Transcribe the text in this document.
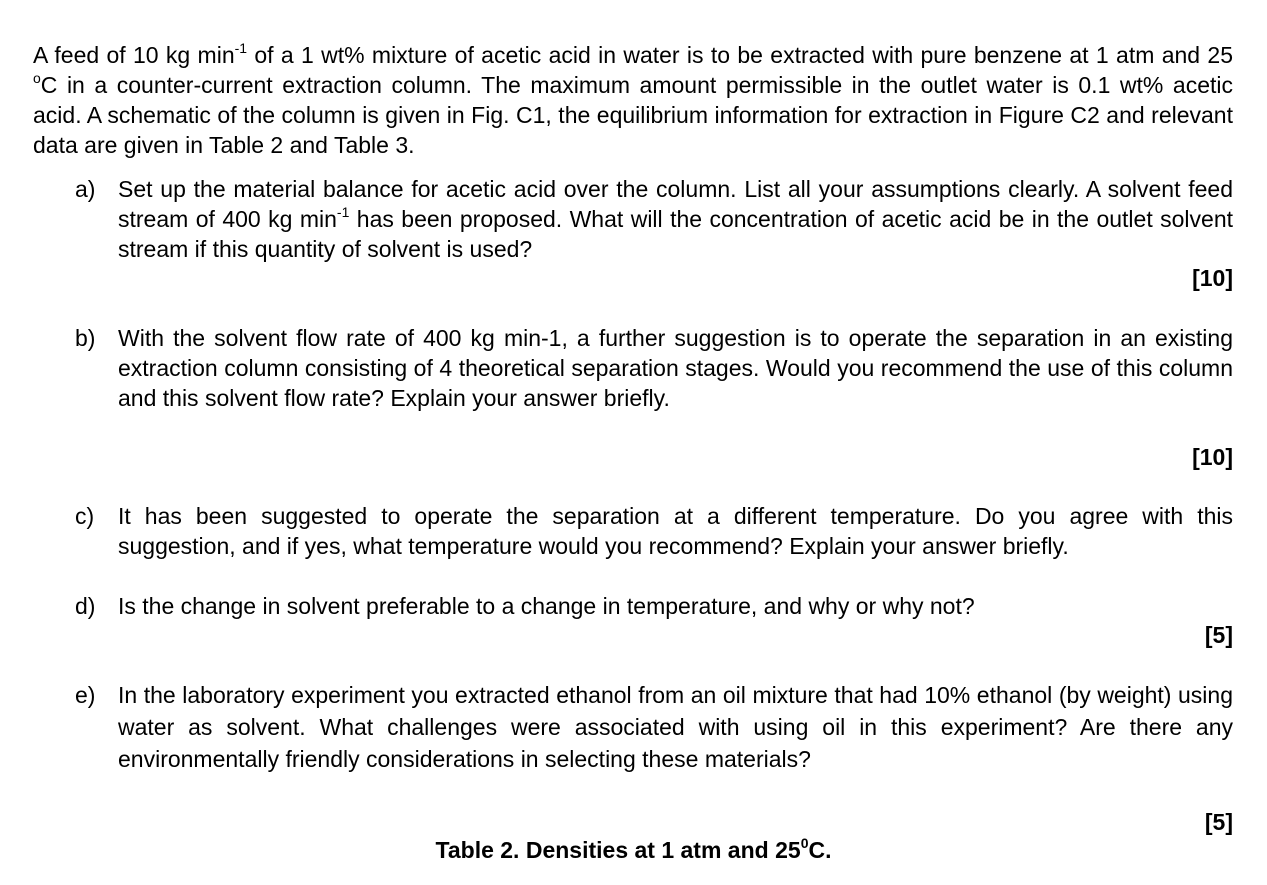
A feed of 10 kg $\min^{-1}$ of a 1 wt% mixture of acetic acid in water is to be extracted with pure benzene at 1 atm and 25 $^o$C in a counter-current extraction column. The maximum amount permissible in the outlet water is 0.1 wt% acetic acid. A schematic of the column is given in Fig. C1, the equilibrium information for extraction in Figure C2 and relevant data are given in Table 2 and Table 3.
a) Set up the material balance for acetic acid over the column. List all your assumptions clearly. A solvent feed stream of 400 kg $\min^{-1}$ has been proposed. What will the concentration of acetic acid be in the outlet solvent stream if this quantity of solvent is used?
[10]
b) With the solvent flow rate of 400 kg min-1, a further suggestion is to operate the separation in an existing extraction column consisting of 4 theoretical separation stages. Would you recommend the use of this column and this solvent flow rate? Explain your answer briefly.
[10]
c)	It has been suggested to operate the separation at a different temperature. Do you agree with this suggestion, and if yes, what temperature would you recommend? Explain your answer briefly.
d) Is the change in solvent preferable to a change in temperature, and why or why not?
[5]
e) In the laboratory experiment you extracted ethanol from an oil mixture that had 10% ethanol (by weight) using water as solvent. What challenges were associated with using oil in this experiment? Are there any environmentally friendly considerations in selecting these materials?
[5]
Table 2. Densities at 1 atm and $25^0C$.
